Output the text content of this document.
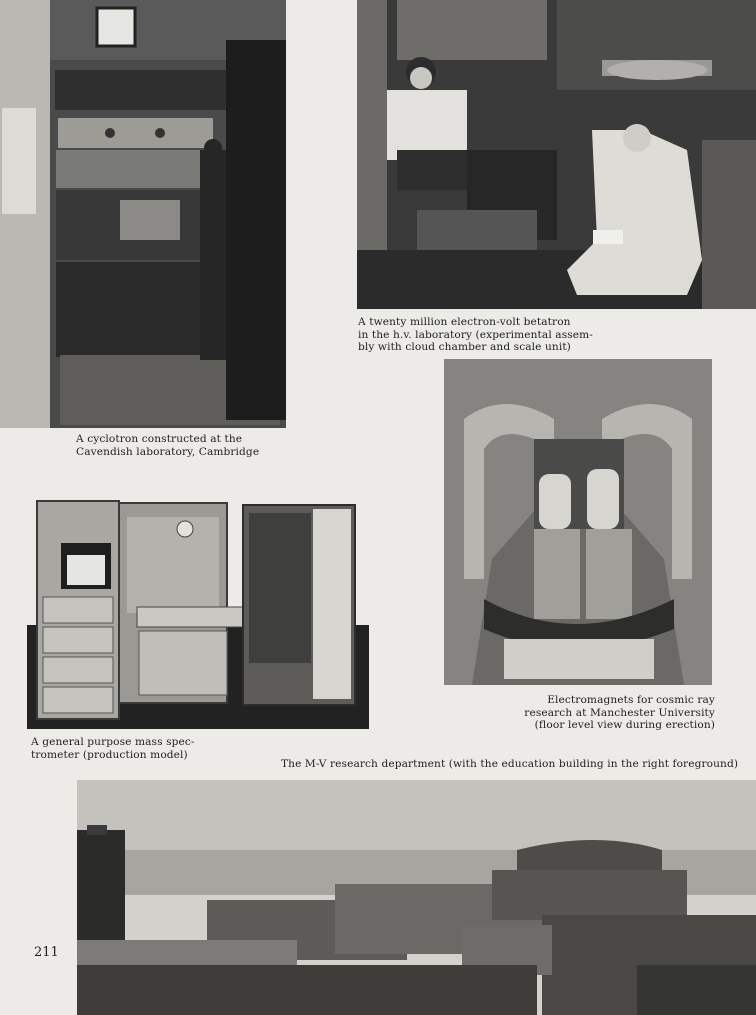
A cyclotron constructed at the
Cavendish laboratory, Cambridge
A twenty million electron-volt betatron
in the h.v. laboratory (experimental assem-
bly with cloud chamber and scale unit)
Electromagnets for cosmic ray
research at Manchester University
(floor level view during erection)
A general purpose mass spec-
trometer (production model)
The M-V research department (with the education building in the right foreground)
211
